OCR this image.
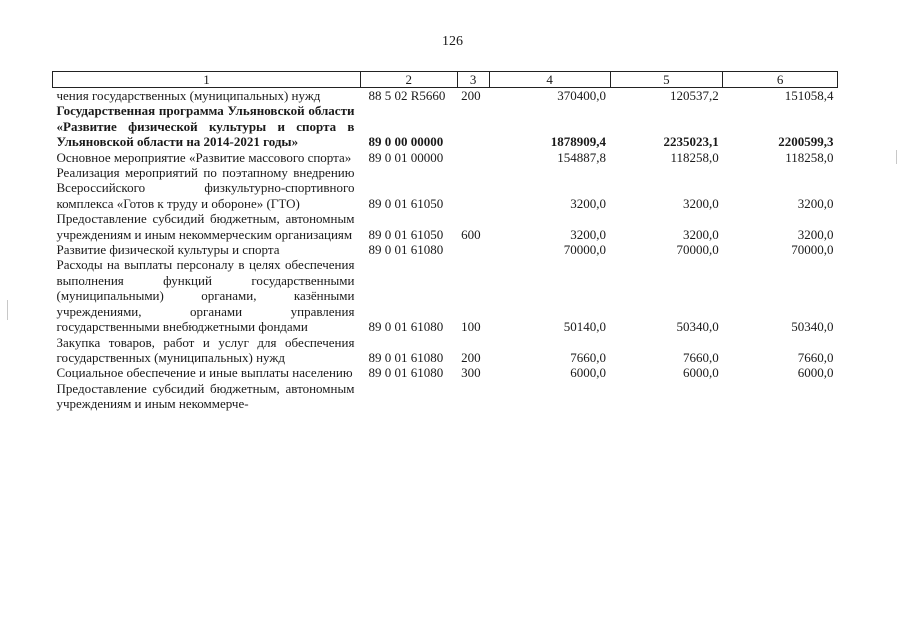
126
1	2	3	4	5	6
чения государственных (муниципальных) нужд	88 5 02 R5660	200	370400,0	120537,2	151058,4
Государственная программа Ульяновской области «Развитие физической культуры и спорта в Ульяновской области на 2014-2021 годы»	89 0 00 00000		1878909,4	2235023,1	2200599,3
Основное мероприятие «Развитие массового спорта»	89 0 01 00000		154887,8	118258,0	118258,0
Реализация мероприятий по поэтапному внедрению Всероссийского физкультурно-спортивного комплекса «Готов к труду и обороне» (ГТО)	89 0 01 61050		3200,0	3200,0	3200,0
Предоставление субсидий бюджетным, автономным учреждениям и иным некоммерческим организациям	89 0 01 61050	600	3200,0	3200,0	3200,0
Развитие физической культуры и спорта	89 0 01 61080		70000,0	70000,0	70000,0
Расходы на выплаты персоналу в целях обеспечения выполнения функций государственными (муниципальными) органами, казёнными учреждениями, органами управления государственными внебюджетными фондами	89 0 01 61080	100	50140,0	50340,0	50340,0
Закупка товаров, работ и услуг для обеспечения государственных (муниципальных) нужд	89 0 01 61080	200	7660,0	7660,0	7660,0
Социальное обеспечение и иные выплаты населению	89 0 01 61080	300	6000,0	6000,0	6000,0
Предоставление субсидий бюджетным, автономным учреждениям и иным некоммерче-					
